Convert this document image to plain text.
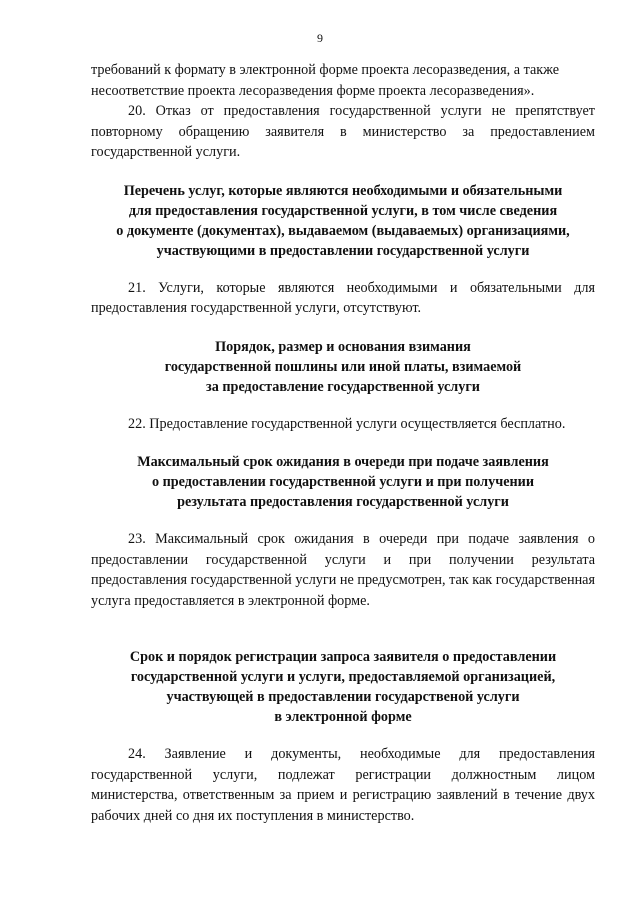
9

требований к формату в электронной форме проекта лесоразведения, а также
несоответствие проекта лесоразведения форме проекта лесоразведения».

20. Отказ от предоставления государственной услуги не препятствует повторному обращению заявителя в министерство за предоставлением государственной услуги.

Перечень услуг, которые являются необходимыми и обязательными
для предоставления государственной услуги, в том числе сведения
о документе (документах), выдаваемом (выдаваемых) организациями,
участвующими в предоставлении государственной услуги

21. Услуги, которые являются необходимыми и обязательными для предоставления государственной услуги, отсутствуют.

Порядок, размер и основания взимания
государственной пошлины или иной платы, взимаемой
за предоставление государственной услуги

22. Предоставление государственной услуги осуществляется бесплатно.

Максимальный срок ожидания в очереди при подаче заявления
о предоставлении государственной услуги и при получении
результата предоставления государственной услуги

23. Максимальный срок ожидания в очереди при подаче заявления о предоставлении государственной услуги и при получении результата предоставления государственной услуги не предусмотрен, так как государственная услуга предоставляется в электронной форме.

Срок и порядок регистрации запроса заявителя о предоставлении
государственной услуги и услуги, предоставляемой организацией,
участвующей в предоставлении государственой услуги
в электронной форме

24. Заявление и документы, необходимые для предоставления государственной услуги, подлежат регистрации должностным лицом министерства, ответственным за прием и регистрацию заявлений в течение двух рабочих дней со дня их поступления в министерство.
